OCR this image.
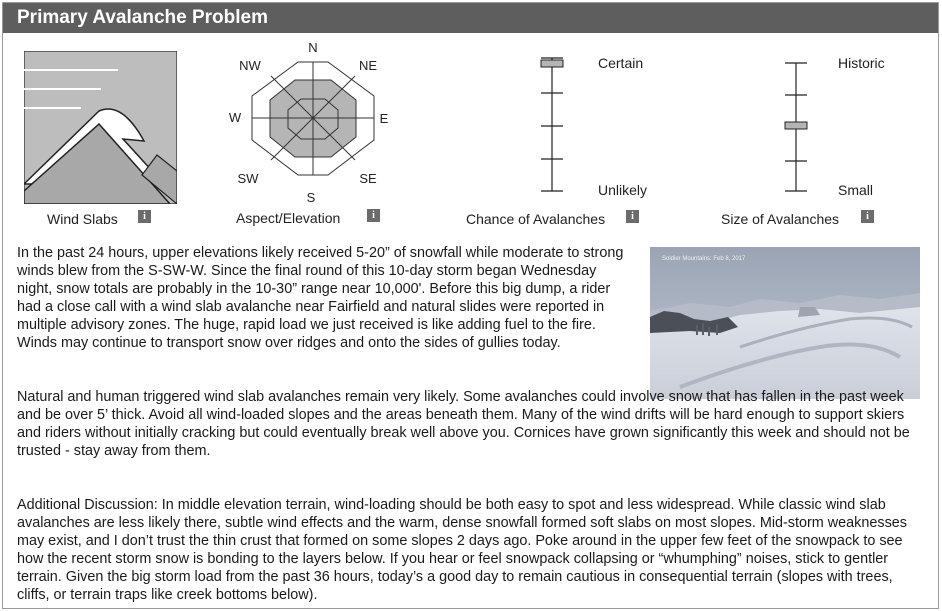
Primary Avalanche Problem
Wind Slabs	i
N
NE
E
SE
S
SW
W
NW
Aspect/Elevation	i
Certain
Unlikely
Chance of Avalanches	i
Historic
Small
Size of Avalanches	i
Soldier Mountains: Feb 8, 2017

In the past 24 hours, upper elevations likely received 5-20” of snowfall while moderate to strong winds blew from the S-SW-W. Since the final round of this 10-day storm began Wednesday night, snow totals are probably in the 10-30” range near 10,000'. Before this big dump, a rider had a close call with a wind slab avalanche near Fairfield and natural slides were reported in multiple advisory zones. The huge, rapid load we just received is like adding fuel to the fire. Winds may continue to transport snow over ridges and onto the sides of gullies today.

Natural and human triggered wind slab avalanches remain very likely. Some avalanches could involve snow that has fallen in the past week and be over 5’ thick. Avoid all wind-loaded slopes and the areas beneath them. Many of the wind drifts will be hard enough to support skiers and riders without initially cracking but could eventually break well above you. Cornices have grown significantly this week and should not be trusted - stay away from them.

Additional Discussion: In middle elevation terrain, wind-loading should be both easy to spot and less widespread. While classic wind slab avalanches are less likely there, subtle wind effects and the warm, dense snowfall formed soft slabs on most slopes. Mid-storm weaknesses may exist, and I don’t trust the thin crust that formed on some slopes 2 days ago. Poke around in the upper few feet of the snowpack to see how the recent storm snow is bonding to the layers below. If you hear or feel snowpack collapsing or “whumphing” noises, stick to gentler terrain. Given the big storm load from the past 36 hours, today’s a good day to remain cautious in consequential terrain (slopes with trees, cliffs, or terrain traps like creek bottoms below).
